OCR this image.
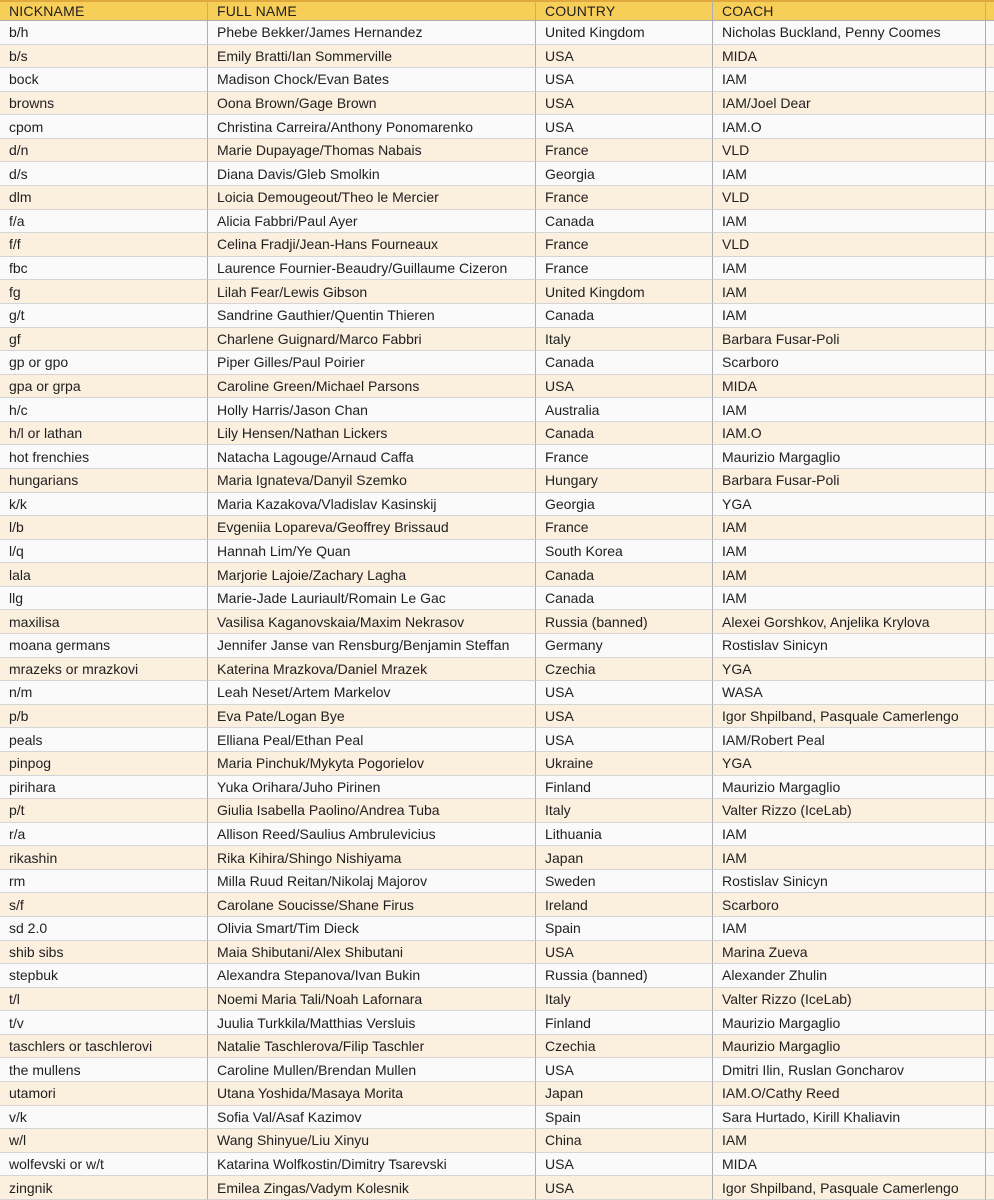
NICKNAME	FULL NAME	COUNTRY	COACH	
b/h	Phebe Bekker/James Hernandez	United Kingdom	Nicholas Buckland, Penny Coomes	
b/s	Emily Bratti/Ian Sommerville	USA	MIDA	
bock	Madison Chock/Evan Bates	USA	IAM	
browns	Oona Brown/Gage Brown	USA	IAM/Joel Dear	
cpom	Christina Carreira/Anthony Ponomarenko	USA	IAM.O	
d/n	Marie Dupayage/Thomas Nabais	France	VLD	
d/s	Diana Davis/Gleb Smolkin	Georgia	IAM	
dlm	Loicia Demougeout/Theo le Mercier	France	VLD	
f/a	Alicia Fabbri/Paul Ayer	Canada	IAM	
f/f	Celina Fradji/Jean-Hans Fourneaux	France	VLD	
fbc	Laurence Fournier-Beaudry/Guillaume Cizeron	France	IAM	
fg	Lilah Fear/Lewis Gibson	United Kingdom	IAM	
g/t	Sandrine Gauthier/Quentin Thieren	Canada	IAM	
gf	Charlene Guignard/Marco Fabbri	Italy	Barbara Fusar-Poli	
gp or gpo	Piper Gilles/Paul Poirier	Canada	Scarboro	
gpa or grpa	Caroline Green/Michael Parsons	USA	MIDA	
h/c	Holly Harris/Jason Chan	Australia	IAM	
h/l or lathan	Lily Hensen/Nathan Lickers	Canada	IAM.O	
hot frenchies	Natacha Lagouge/Arnaud Caffa	France	Maurizio Margaglio	
hungarians	Maria Ignateva/Danyil Szemko	Hungary	Barbara Fusar-Poli	
k/k	Maria Kazakova/Vladislav Kasinskij	Georgia	YGA	
l/b	Evgeniia Lopareva/Geoffrey Brissaud	France	IAM	
l/q	Hannah Lim/Ye Quan	South Korea	IAM	
lala	Marjorie Lajoie/Zachary Lagha	Canada	IAM	
llg	Marie-Jade Lauriault/Romain Le Gac	Canada	IAM	
maxilisa	Vasilisa Kaganovskaia/Maxim Nekrasov	Russia (banned)	Alexei Gorshkov, Anjelika Krylova	
moana germans	Jennifer Janse van Rensburg/Benjamin Steffan	Germany	Rostislav Sinicyn	
mrazeks or mrazkovi	Katerina Mrazkova/Daniel Mrazek	Czechia	YGA	
n/m	Leah Neset/Artem Markelov	USA	WASA	
p/b	Eva Pate/Logan Bye	USA	Igor Shpilband, Pasquale Camerlengo	
peals	Elliana Peal/Ethan Peal	USA	IAM/Robert Peal	
pinpog	Maria Pinchuk/Mykyta Pogorielov	Ukraine	YGA	
pirihara	Yuka Orihara/Juho Pirinen	Finland	Maurizio Margaglio	
p/t	Giulia Isabella Paolino/Andrea Tuba	Italy	Valter Rizzo (IceLab)	
r/a	Allison Reed/Saulius Ambrulevicius	Lithuania	IAM	
rikashin	Rika Kihira/Shingo Nishiyama	Japan	IAM	
rm	Milla Ruud Reitan/Nikolaj Majorov	Sweden	Rostislav Sinicyn	
s/f	Carolane Soucisse/Shane Firus	Ireland	Scarboro	
sd 2.0	Olivia Smart/Tim Dieck	Spain	IAM	
shib sibs	Maia Shibutani/Alex Shibutani	USA	Marina Zueva	
stepbuk	Alexandra Stepanova/Ivan Bukin	Russia (banned)	Alexander Zhulin	
t/l	Noemi Maria Tali/Noah Lafornara	Italy	Valter Rizzo (IceLab)	
t/v	Juulia Turkkila/Matthias Versluis	Finland	Maurizio Margaglio	
taschlers or taschlerovi	Natalie Taschlerova/Filip Taschler	Czechia	Maurizio Margaglio	
the mullens	Caroline Mullen/Brendan Mullen	USA	Dmitri Ilin, Ruslan Goncharov	
utamori	Utana Yoshida/Masaya Morita	Japan	IAM.O/Cathy Reed	
v/k	Sofia Val/Asaf Kazimov	Spain	Sara Hurtado, Kirill Khaliavin	
w/l	Wang Shinyue/Liu Xinyu	China	IAM	
wolfevski or w/t	Katarina Wolfkostin/Dimitry Tsarevski	USA	MIDA	
zingnik	Emilea Zingas/Vadym Kolesnik	USA	Igor Shpilband, Pasquale Camerlengo	
